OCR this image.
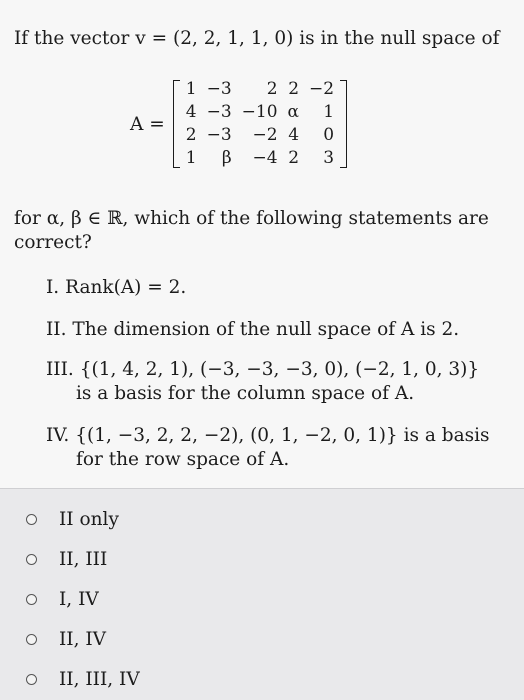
If the vector v = (2, 2, 1, 1, 0) is in the null space of
A =
1	−3	2	2	−2
4	−3	−10	α	1
2	−3	−2	4	0
1	β	−4	2	3
for α, β ∈ ℝ, which of the following statements are correct?
I. Rank(A) = 2.
II. The dimension of the null space of A is 2.
III. {(1, 4, 2, 1), (−3, −3, −3, 0), (−2, 1, 0, 3)}
is a basis for the column space of A.
IV. {(1, −3, 2, 2, −2), (0, 1, −2, 0, 1)} is a basis
for the row space of A.
II only
II, III
I, IV
II, IV
II, III, IV
